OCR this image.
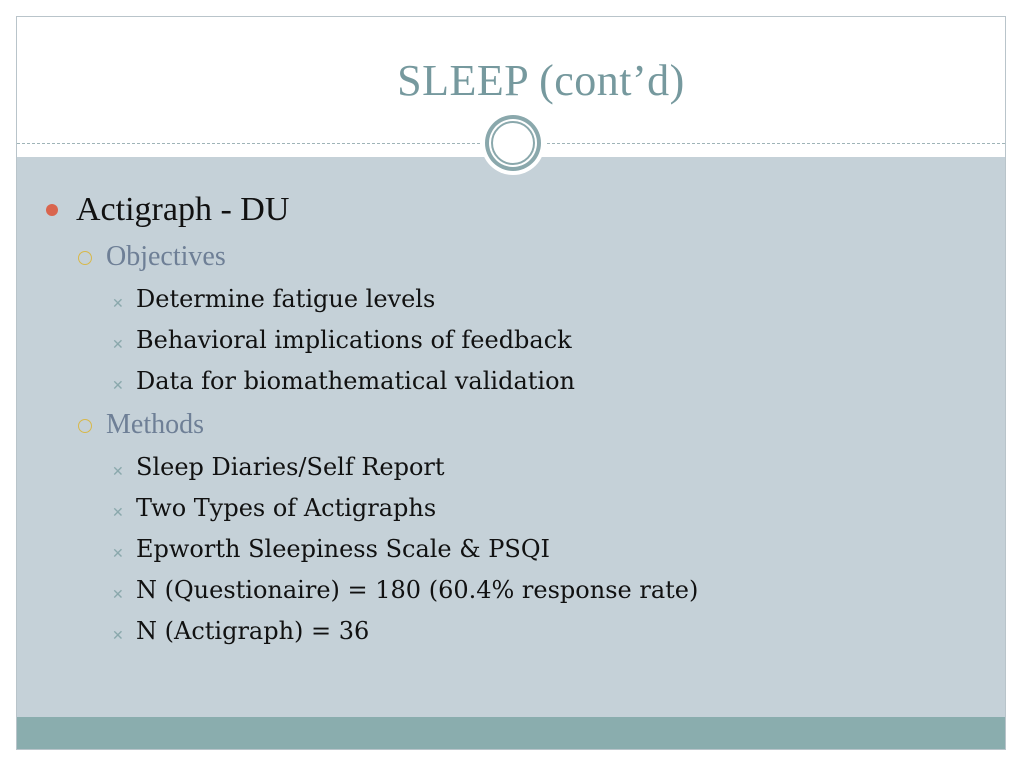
SLEEP (cont’d)
Actigraph - DU
Objectives
✕ Determine fatigue levels
✕ Behavioral implications of feedback
✕ Data for biomathematical validation
Methods
✕ Sleep Diaries/Self Report
✕ Two Types of Actigraphs
✕ Epworth Sleepiness Scale & PSQI
✕ N (Questionaire) = 180 (60.4% response rate)
✕ N (Actigraph) = 36
